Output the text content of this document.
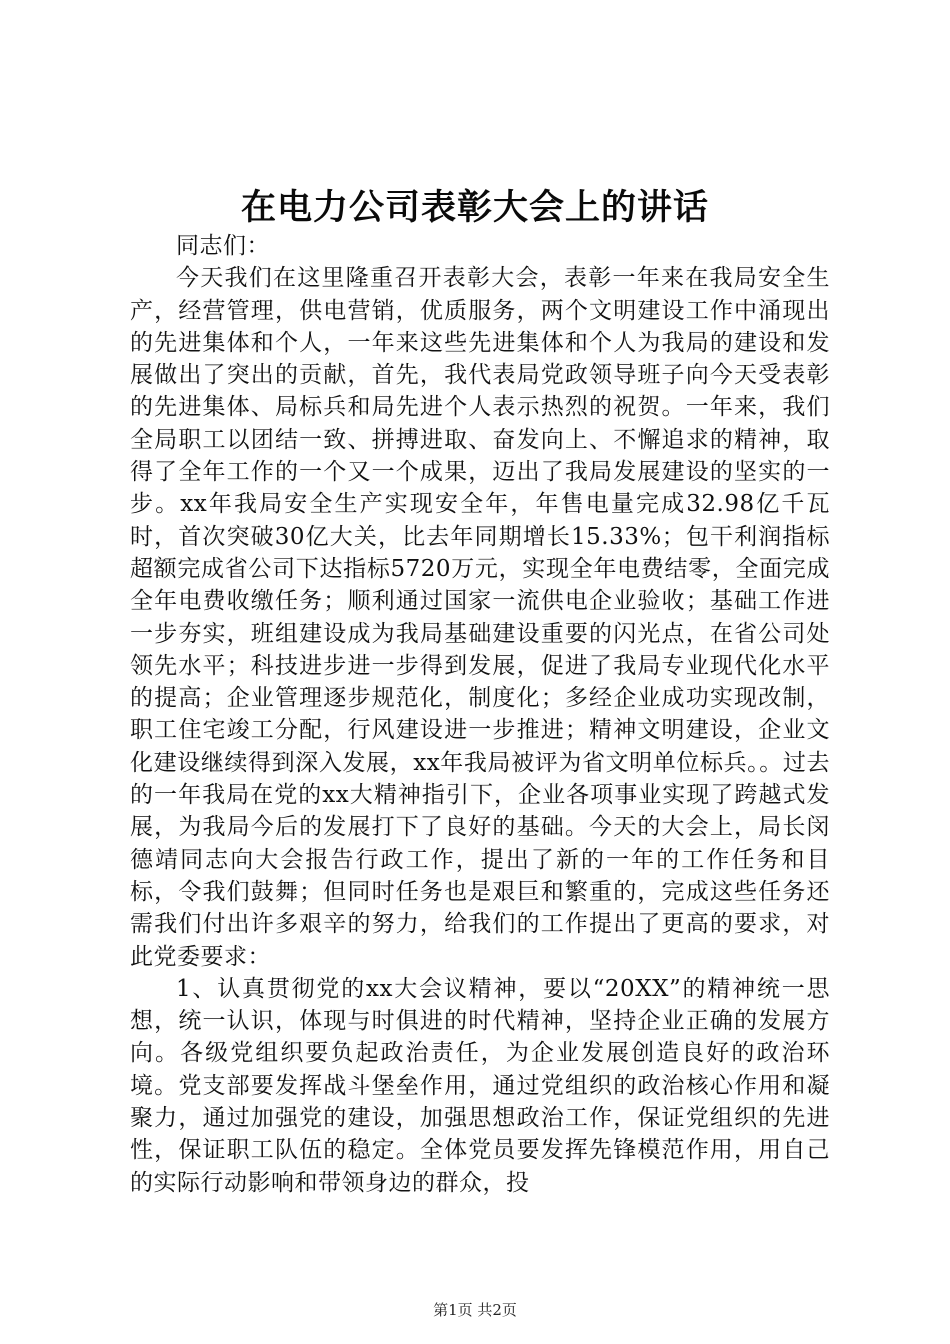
在电力公司表彰大会上的讲话

同志们：

今天我们在这里隆重召开表彰大会，表彰一年来在我局安全生产，经营管理，供电营销，优质服务，两个文明建设工作中涌现出的先进集体和个人，一年来这些先进集体和个人为我局的建设和发展做出了突出的贡献，首先，我代表局党政领导班子向今天受表彰的先进集体、局标兵和局先进个人表示热烈的祝贺。一年来，我们全局职工以团结一致、拼搏进取、奋发向上、不懈追求的精神，取得了全年工作的一个又一个成果，迈出了我局发展建设的坚实的一步。xx年我局安全生产实现安全年，年售电量完成32.98亿千瓦时，首次突破30亿大关，比去年同期增长15.33%；包干利润指标超额完成省公司下达指标5720万元，实现全年电费结零，全面完成全年电费收缴任务；顺利通过国家一流供电企业验收；基础工作进一步夯实，班组建设成为我局基础建设重要的闪光点，在省公司处领先水平；科技进步进一步得到发展，促进了我局专业现代化水平的提高；企业管理逐步规范化，制度化；多经企业成功实现改制，职工住宅竣工分配，行风建设进一步推进；精神文明建设，企业文化建设继续得到深入发展，xx年我局被评为省文明单位标兵。。过去的一年我局在党的xx大精神指引下，企业各项事业实现了跨越式发展，为我局今后的发展打下了良好的基础。今天的大会上，局长闵德靖同志向大会报告行政工作，提出了新的一年的工作任务和目标，令我们鼓舞；但同时任务也是艰巨和繁重的，完成这些任务还需我们付出许多艰辛的努力，给我们的工作提出了更高的要求，对此党委要求：

1、认真贯彻党的xx大会议精神，要以“20XX”的精神统一思想，统一认识，体现与时俱进的时代精神，坚持企业正确的发展方向。各级党组织要负起政治责任，为企业发展创造良好的政治环境。党支部要发挥战斗堡垒作用，通过党组织的政治核心作用和凝聚力，通过加强党的建设，加强思想政治工作，保证党组织的先进性，保证职工队伍的稳定。全体党员要发挥先锋模范作用，用自己的实际行动影响和带领身边的群众，投

第1页 共2页
